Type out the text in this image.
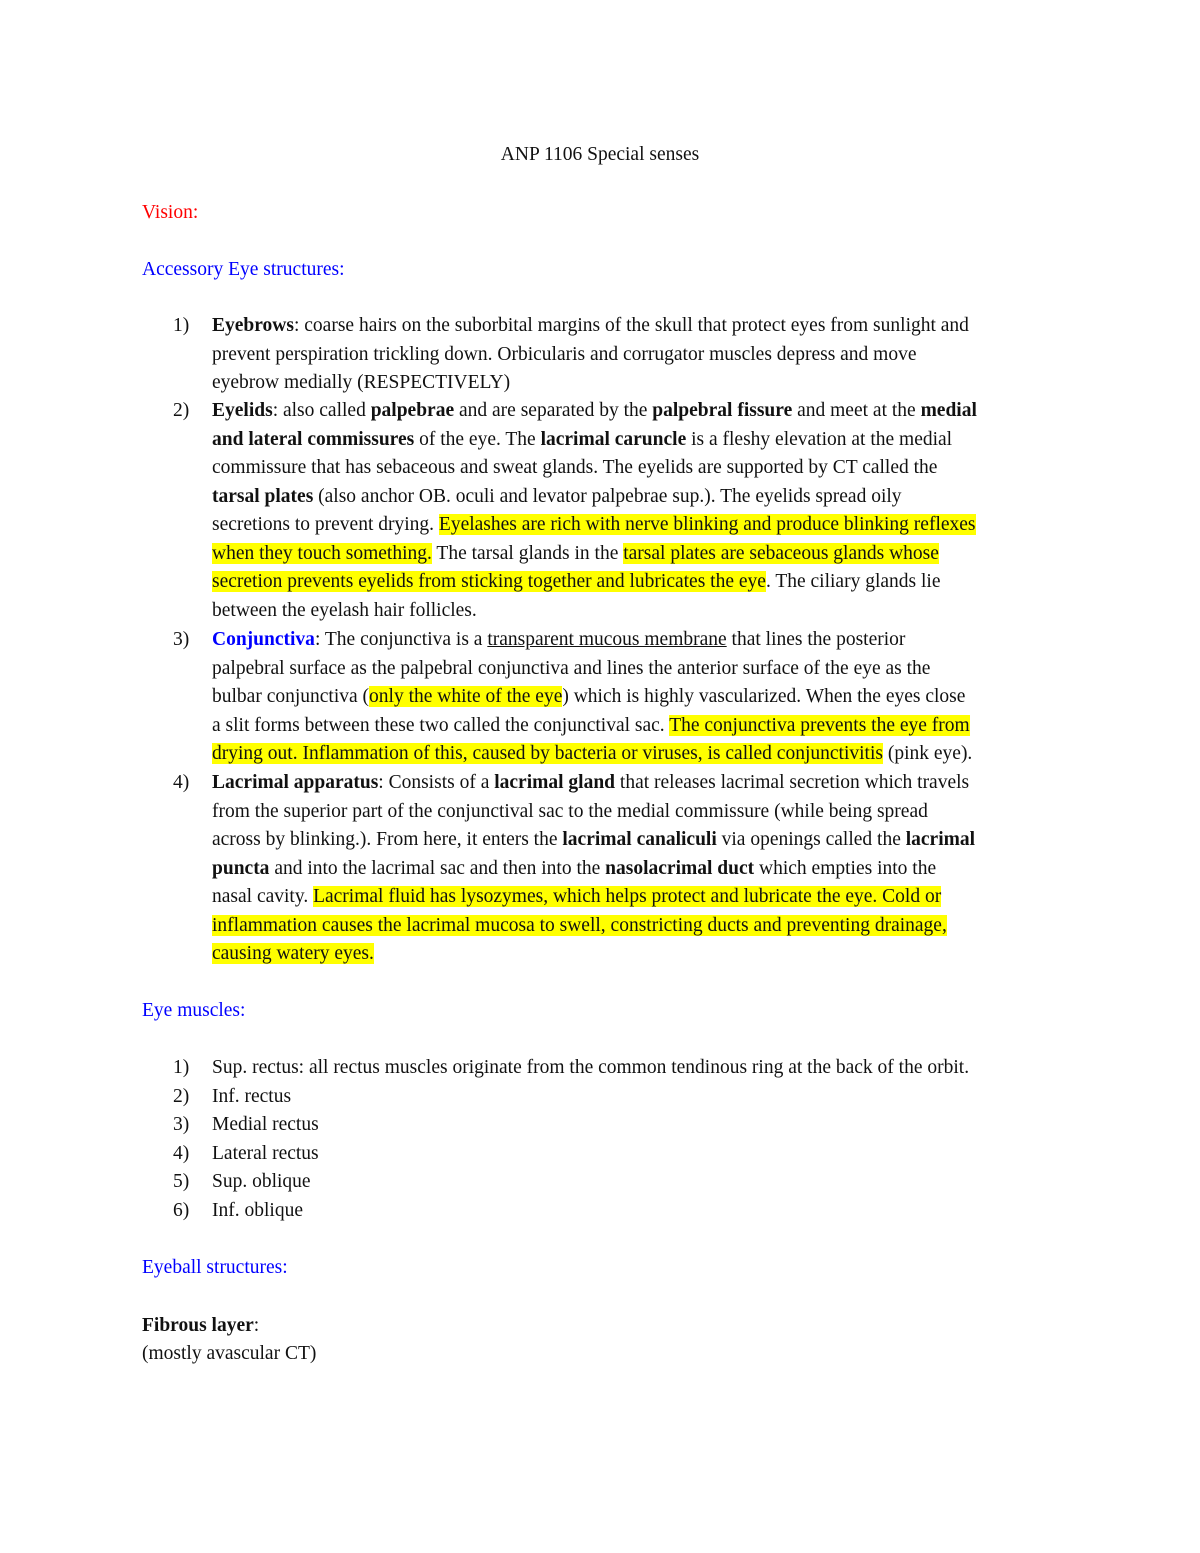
ANP 1106 Special senses
Vision:
Accessory Eye structures:
1) Eyebrows: coarse hairs on the suborbital margins of the skull that protect eyes from sunlight and
prevent perspiration trickling down. Orbicularis and corrugator muscles depress and move
eyebrow medially (RESPECTIVELY)
2) Eyelids: also called palpebrae and are separated by the palpebral fissure and meet at the medial
and lateral commissures of the eye. The lacrimal caruncle is a fleshy elevation at the medial
commissure that has sebaceous and sweat glands. The eyelids are supported by CT called the
tarsal plates (also anchor OB. oculi and levator palpebrae sup.). The eyelids spread oily
secretions to prevent drying. Eyelashes are rich with nerve blinking and produce blinking reflexes
when they touch something. The tarsal glands in the tarsal plates are sebaceous glands whose
secretion prevents eyelids from sticking together and lubricates the eye. The ciliary glands lie
between the eyelash hair follicles.
3) Conjunctiva: The conjunctiva is a transparent mucous membrane that lines the posterior
palpebral surface as the palpebral conjunctiva and lines the anterior surface of the eye as the
bulbar conjunctiva (only the white of the eye) which is highly vascularized. When the eyes close
a slit forms between these two called the conjunctival sac. The conjunctiva prevents the eye from
drying out. Inflammation of this, caused by bacteria or viruses, is called conjunctivitis (pink eye).
4) Lacrimal apparatus: Consists of a lacrimal gland that releases lacrimal secretion which travels
from the superior part of the conjunctival sac to the medial commissure (while being spread
across by blinking.). From here, it enters the lacrimal canaliculi via openings called the lacrimal
puncta and into the lacrimal sac and then into the nasolacrimal duct which empties into the
nasal cavity. Lacrimal fluid has lysozymes, which helps protect and lubricate the eye. Cold or
inflammation causes the lacrimal mucosa to swell, constricting ducts and preventing drainage,
causing watery eyes.
Eye muscles:
1) Sup. rectus: all rectus muscles originate from the common tendinous ring at the back of the orbit.
2) Inf. rectus
3) Medial rectus
4) Lateral rectus
5) Sup. oblique
6) Inf. oblique
Eyeball structures:
Fibrous layer:
(mostly avascular CT)
